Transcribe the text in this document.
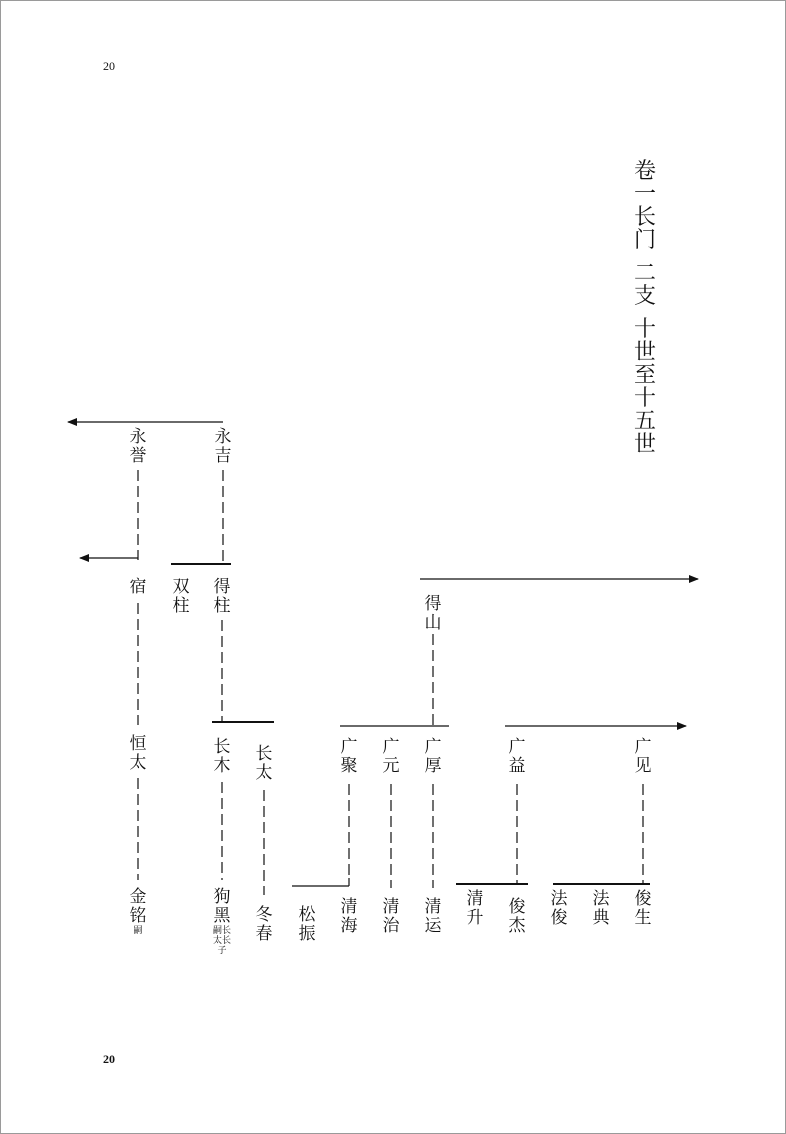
20
20
卷一长门
二支
十世至十五世
永誉
永吉
宿 双柱
得柱	得山
恒太
长木
长太
广聚
广元
广厚
广益
广见
金铭
嗣
狗黑
嗣长太长子
冬春
松振
清海
清治
清运
清升
俊杰
法俊
法典
俊生
